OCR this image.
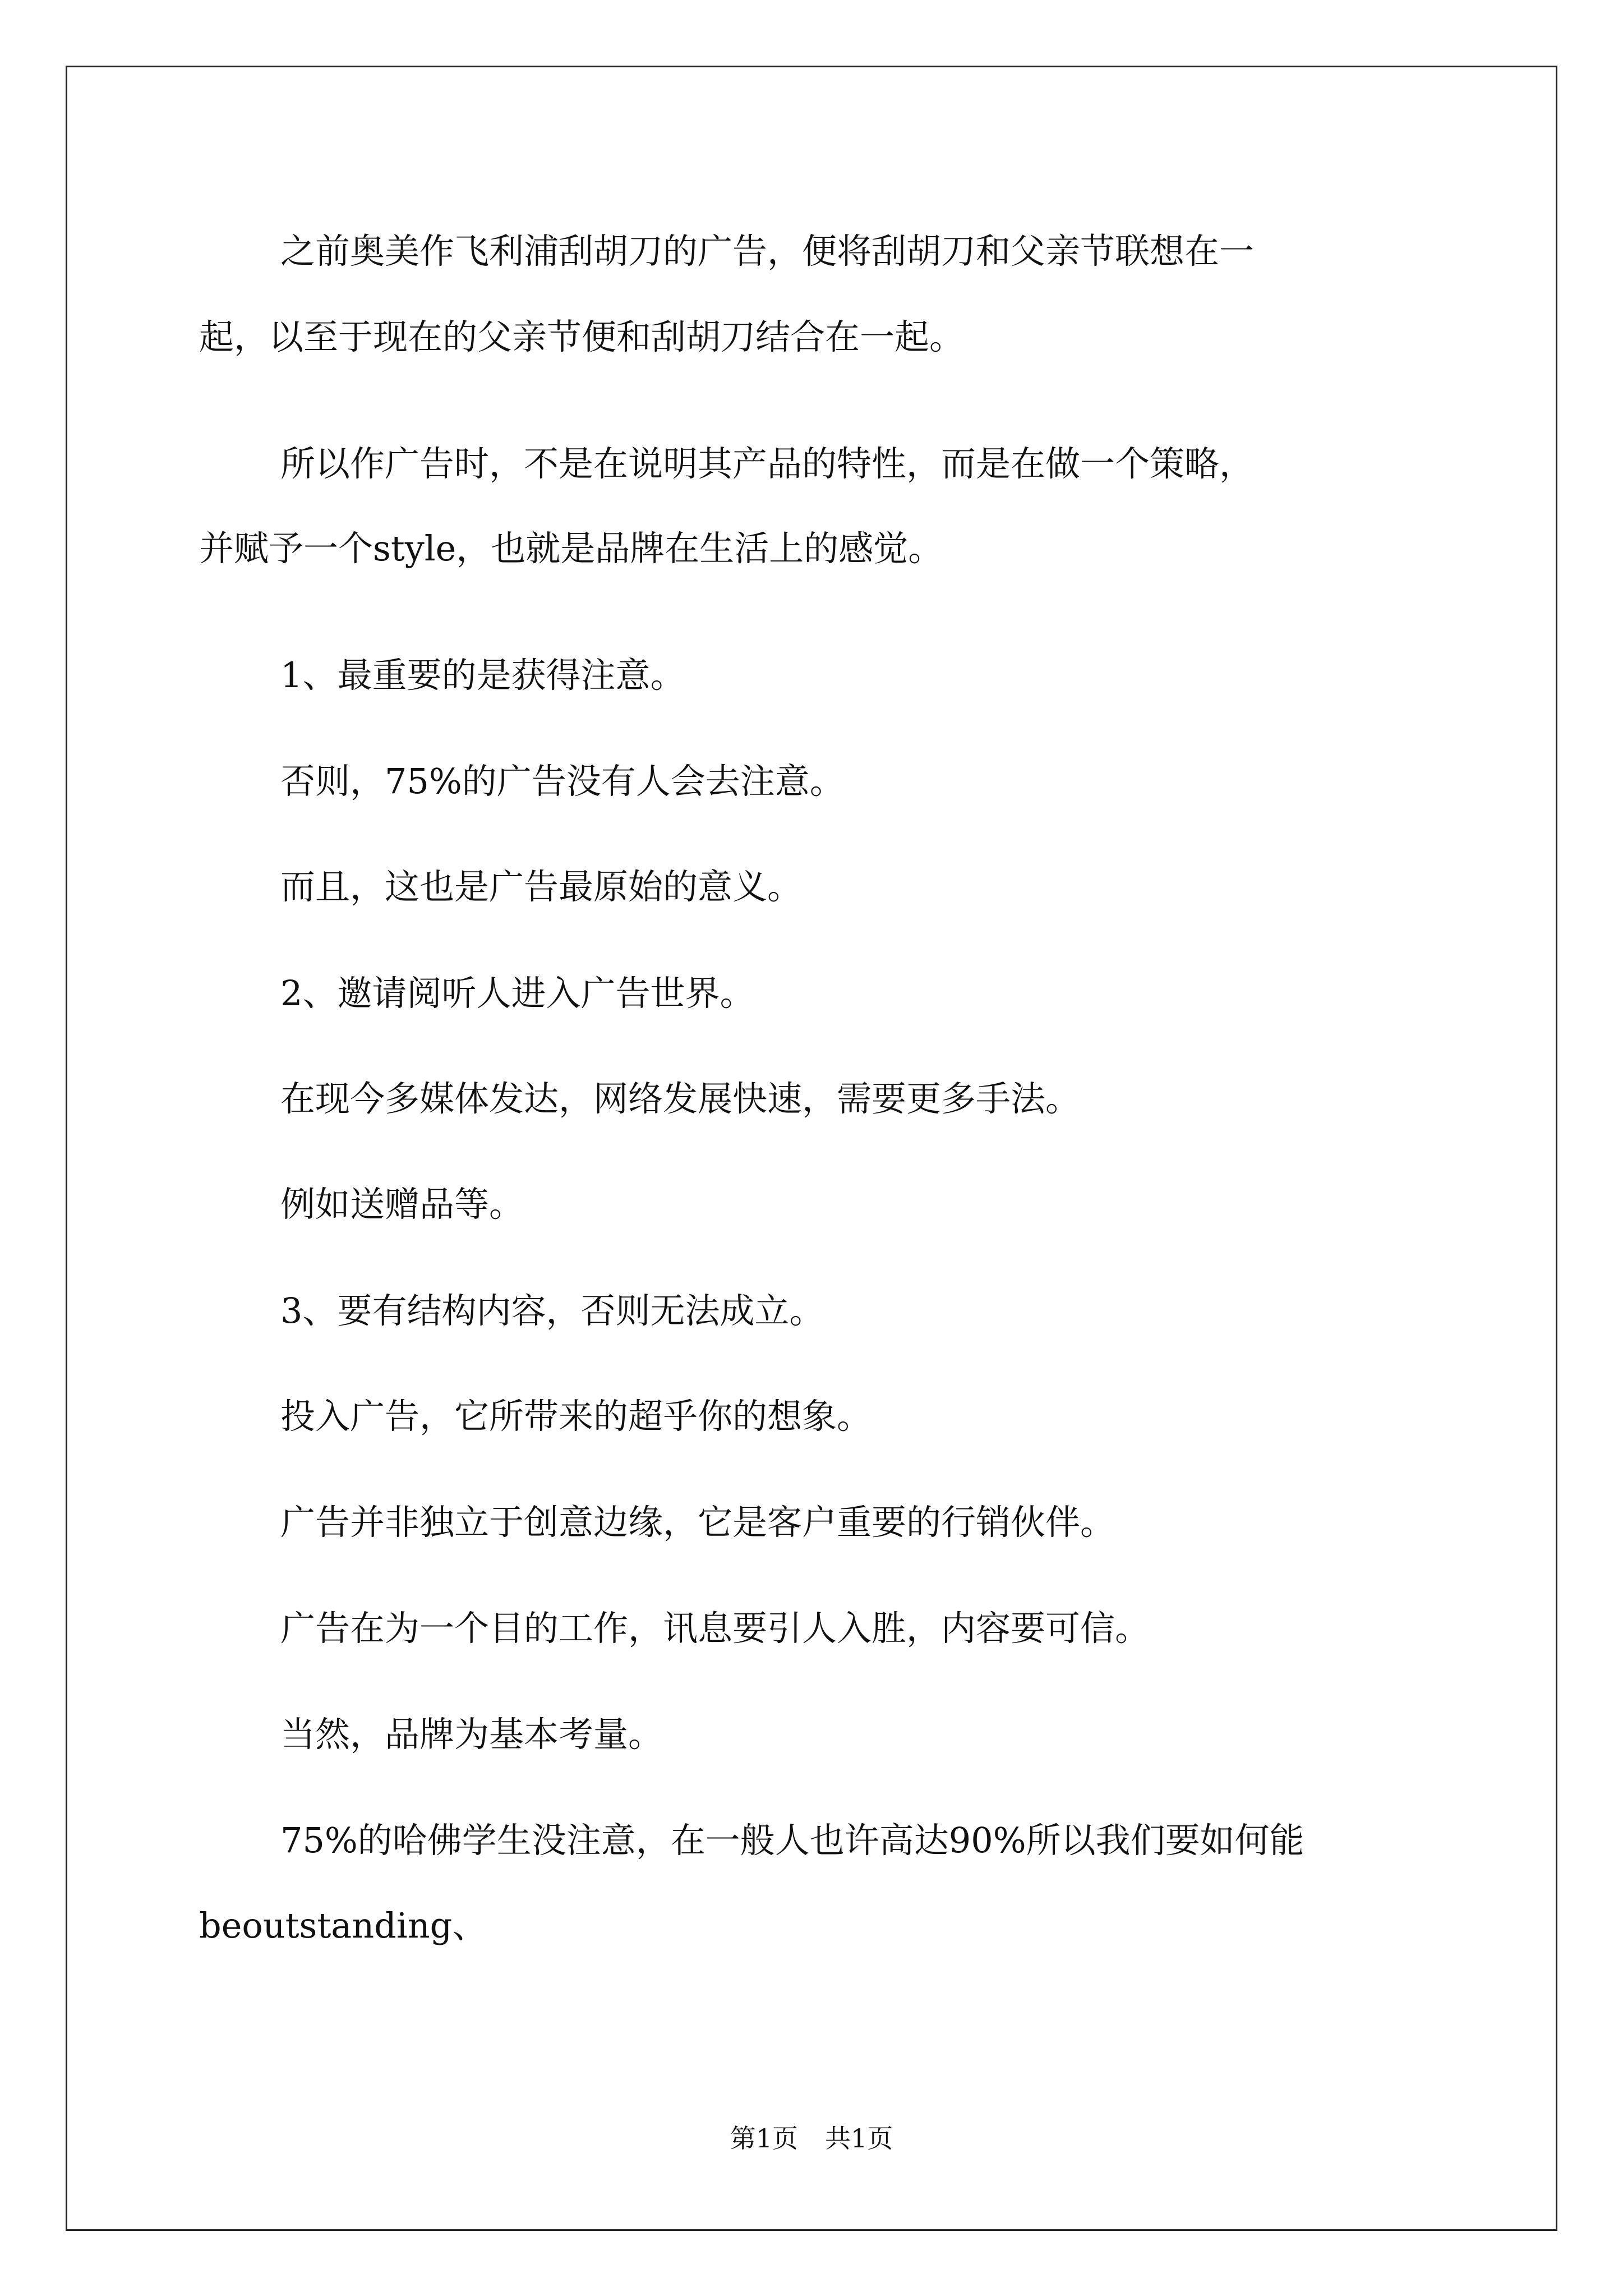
之前奥美作飞利浦刮胡刀的广告，便将刮胡刀和父亲节联想在一
起，以至于现在的父亲节便和刮胡刀结合在一起。
所以作广告时，不是在说明其产品的特性，而是在做一个策略，
并赋予一个style，也就是品牌在生活上的感觉。
1、最重要的是获得注意。
否则，75%的广告没有人会去注意。
而且，这也是广告最原始的意义。
2、邀请阅听人进入广告世界。
在现今多媒体发达，网络发展快速，需要更多手法。
例如送赠品等。
3、要有结构内容，否则无法成立。
投入广告，它所带来的超乎你的想象。
广告并非独立于创意边缘，它是客户重要的行销伙伴。
广告在为一个目的工作，讯息要引人入胜，内容要可信。
当然，品牌为基本考量。
75%的哈佛学生没注意，在一般人也许高达90%所以我们要如何能
beoutstanding、
第1页 共1页
